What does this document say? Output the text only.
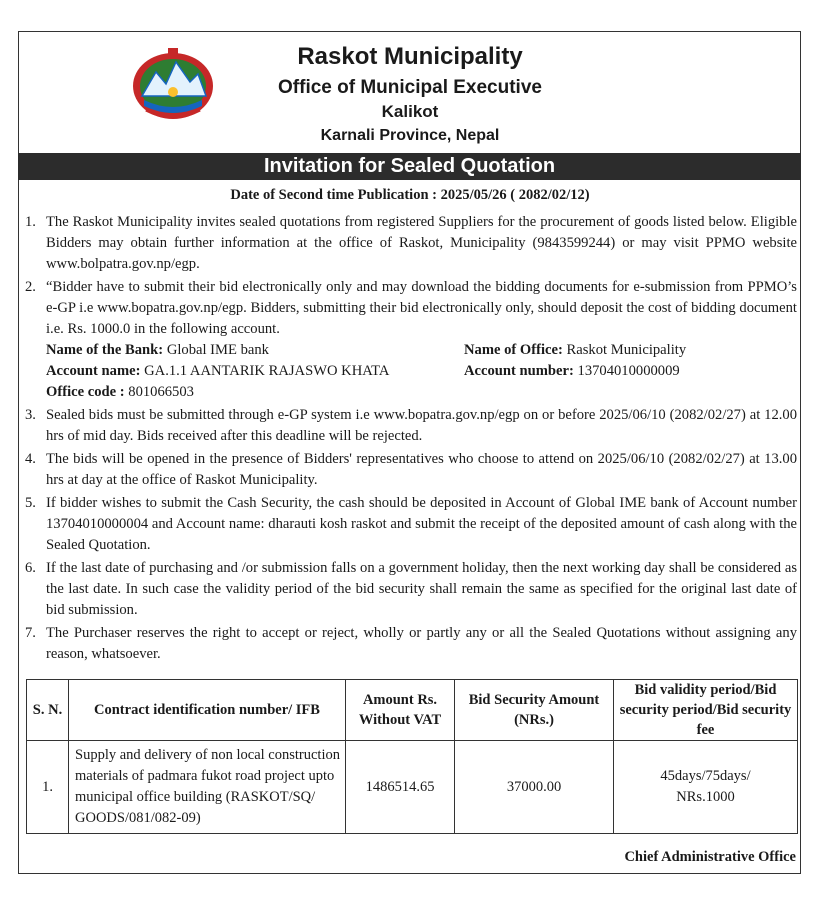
Raskot Municipality
Office of Municipal Executive
Kalikot
Karnali Province, Nepal
Invitation for Sealed Quotation
Date of Second time Publication : 2025/05/26 ( 2082/02/12)
1. The Raskot Municipality invites sealed quotations from registered Suppliers for the procurement of goods listed below. Eligible Bidders may obtain further information at the office of Raskot, Municipality (9843599244) or may visit PPMO website www.bolpatra.gov.np/egp.
2. “Bidder have to submit their bid electronically only and may download the bidding documents for e-submission from PPMO’s e-GP i.e www.bopatra.gov.np/egp. Bidders, submitting their bid electronically only, should deposit the cost of bidding document i.e. Rs. 1000.0 in the following account.
Name of the Bank: Global IME bank	Name of Office: Raskot Municipality
Account name: GA.1.1 AANTARIK RAJASWO KHATA	Account number: 13704010000009
Office code : 801066503
3. Sealed bids must be submitted through e-GP system i.e www.bopatra.gov.np/egp on or before 2025/06/10 (2082/02/27) at 12.00 hrs of mid day. Bids received after this deadline will be rejected.
4. The bids will be opened in the presence of Bidders' representatives who choose to attend on 2025/06/10 (2082/02/27) at 13.00 hrs at day at the office of Raskot Municipality.
5. If bidder wishes to submit the Cash Security, the cash should be deposited in Account of Global IME bank of Account number 13704010000004 and Account name: dharauti kosh raskot and submit the receipt of the deposited amount of cash along with the Sealed Quotation.
6. If the last date of purchasing and /or submission falls on a government holiday, then the next working day shall be considered as the last date. In such case the validity period of the bid security shall remain the same as specified for the original last date of bid submission.
7. The Purchaser reserves the right to accept or reject, wholly or partly any or all the Sealed Quotations without assigning any reason, whatsoever.
S. N.	Contract identification number/ IFB	Amount Rs. Without VAT	Bid Security Amount (NRs.)	Bid validity period/Bid security period/Bid security fee
1.	Supply and delivery of non local construction materials of padmara fukot road project upto municipal office building (RASKOT/SQ/ GOODS/081/082-09)	1486514.65	37000.00	45days/75days/
NRs.1000
Chief Administrative Office
